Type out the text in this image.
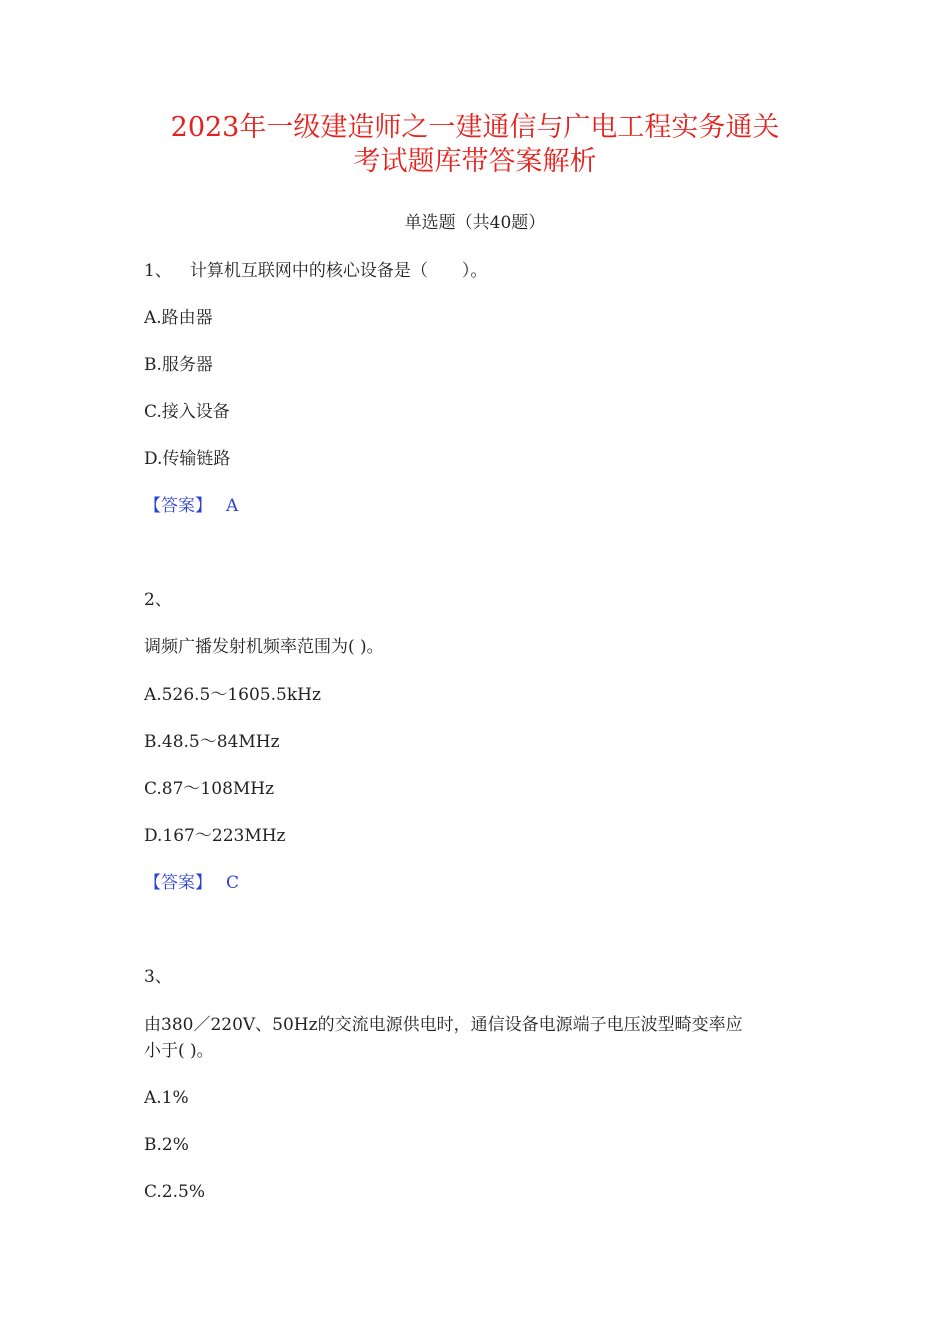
2023年一级建造师之一建通信与广电工程实务通关
考试题库带答案解析
单选题（共40题）
1、 计算机互联网中的核心设备是（　　）。
A.路由器
B.服务器
C.接入设备
D.传输链路
【答案】 A
2、
调频广播发射机频率范围为( )。
A.526.5～1605.5kHz
B.48.5～84MHz
C.87～108MHz
D.167～223MHz
【答案】 C
3、
由380／220V、50Hz的交流电源供电时，通信设备电源端子电压波型畸变率应
小于( )。
A.1%
B.2%
C.2.5%
